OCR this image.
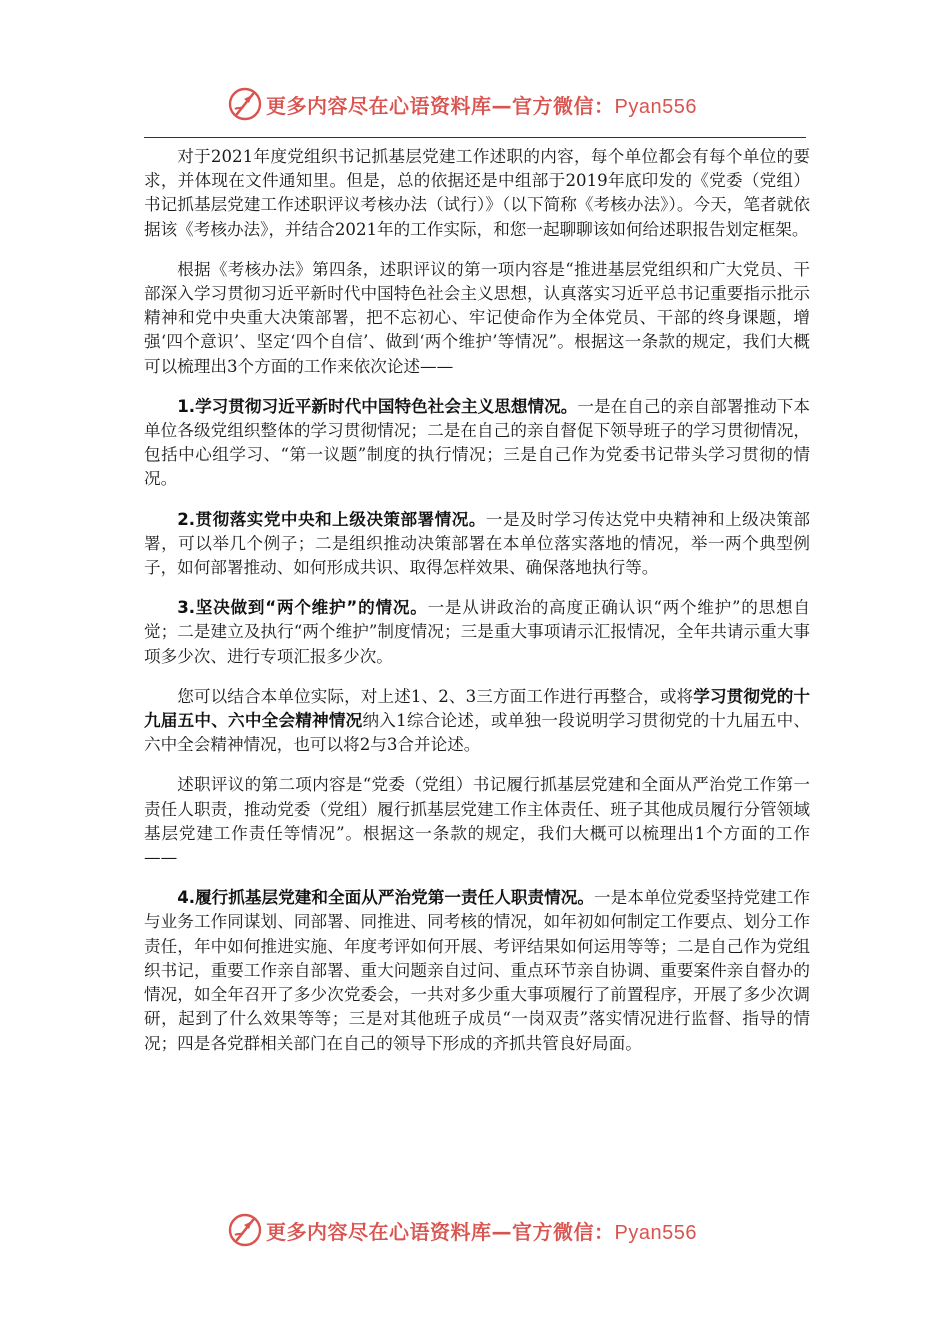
更多内容尽在心语资料库—官方微信：Pyan556

对于2021年度党组织书记抓基层党建工作述职的内容，每个单位都会有每个单位的要求，并体现在文件通知里。但是，总的依据还是中组部于2019年底印发的《党委（党组）书记抓基层党建工作述职评议考核办法（试行）》（以下简称《考核办法》）。今天，笔者就依据该《考核办法》，并结合2021年的工作实际，和您一起聊聊该如何给述职报告划定框架。

根据《考核办法》第四条，述职评议的第一项内容是“推进基层党组织和广大党员、干部深入学习贯彻习近平新时代中国特色社会主义思想，认真落实习近平总书记重要指示批示精神和党中央重大决策部署，把不忘初心、牢记使命作为全体党员、干部的终身课题，增强‘四个意识’、坚定‘四个自信’、做到‘两个维护’等情况”。根据这一条款的规定，我们大概可以梳理出3个方面的工作来依次论述——

1.学习贯彻习近平新时代中国特色社会主义思想情况。一是在自己的亲自部署推动下本单位各级党组织整体的学习贯彻情况；二是在自己的亲自督促下领导班子的学习贯彻情况，包括中心组学习、“第一议题”制度的执行情况；三是自己作为党委书记带头学习贯彻的情况。

2.贯彻落实党中央和上级决策部署情况。一是及时学习传达党中央精神和上级决策部署，可以举几个例子；二是组织推动决策部署在本单位落实落地的情况，举一两个典型例子，如何部署推动、如何形成共识、取得怎样效果、确保落地执行等。

3.坚决做到“两个维护”的情况。一是从讲政治的高度正确认识“两个维护”的思想自觉；二是建立及执行“两个维护”制度情况；三是重大事项请示汇报情况，全年共请示重大事项多少次、进行专项汇报多少次。

您可以结合本单位实际，对上述1、2、3三方面工作进行再整合，或将学习贯彻党的十九届五中、六中全会精神情况纳入1综合论述，或单独一段说明学习贯彻党的十九届五中、六中全会精神情况，也可以将2与3合并论述。

述职评议的第二项内容是“党委（党组）书记履行抓基层党建和全面从严治党工作第一责任人职责，推动党委（党组）履行抓基层党建工作主体责任、班子其他成员履行分管领域基层党建工作责任等情况”。根据这一条款的规定，我们大概可以梳理出1个方面的工作——

4.履行抓基层党建和全面从严治党第一责任人职责情况。一是本单位党委坚持党建工作与业务工作同谋划、同部署、同推进、同考核的情况，如年初如何制定工作要点、划分工作责任，年中如何推进实施、年度考评如何开展、考评结果如何运用等等；二是自己作为党组织书记，重要工作亲自部署、重大问题亲自过问、重点环节亲自协调、重要案件亲自督办的情况，如全年召开了多少次党委会，一共对多少重大事项履行了前置程序，开展了多少次调研，起到了什么效果等等；三是对其他班子成员“一岗双责”落实情况进行监督、指导的情况；四是各党群相关部门在自己的领导下形成的齐抓共管良好局面。

更多内容尽在心语资料库—官方微信：Pyan556
